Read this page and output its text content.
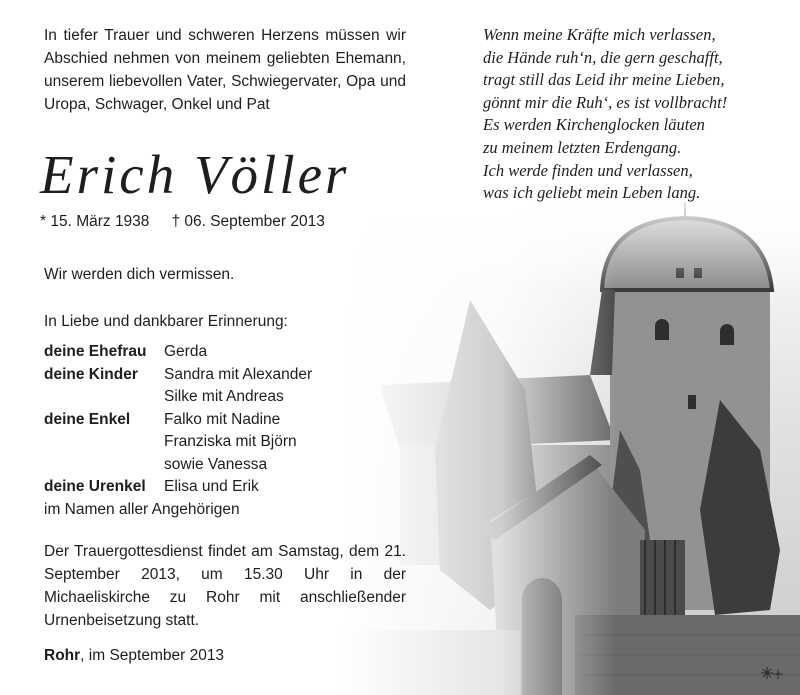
In tiefer Trauer und schweren Herzens müssen wir Abschied nehmen von meinem geliebten Ehemann, unserem liebevollen Vater, Schwiegervater, Opa und Uropa, Schwager, Onkel und Pat
Wenn meine Kräfte mich verlassen,
die Hände ruh‘n, die gern geschafft,
tragt still das Leid ihr meine Lieben,
gönnt mir die Ruh‘, es ist vollbracht!
Es werden Kirchenglocken läuten
zu meinem letzten Erdengang.
Ich werde finden und verlassen,
was ich geliebt mein Leben lang.
Erich Völler
* 15. März 1938 † 06. September 2013
Wir werden dich vermissen.
In Liebe und dankbarer Erinnerung:
deine Ehefrau	Gerda
deine Kinder	Sandra mit Alexander
Silke mit Andreas
deine Enkel	Falko mit Nadine
Franziska mit Björn
sowie Vanessa
deine Urenkel	Elisa und Erik
im Namen aller Angehörigen
Der Trauergottesdienst findet am Samstag, dem 21. September 2013, um 15.30 Uhr in der Michaeliskirche zu Rohr mit anschließender Urnenbeisetzung statt.
Rohr, im September 2013
